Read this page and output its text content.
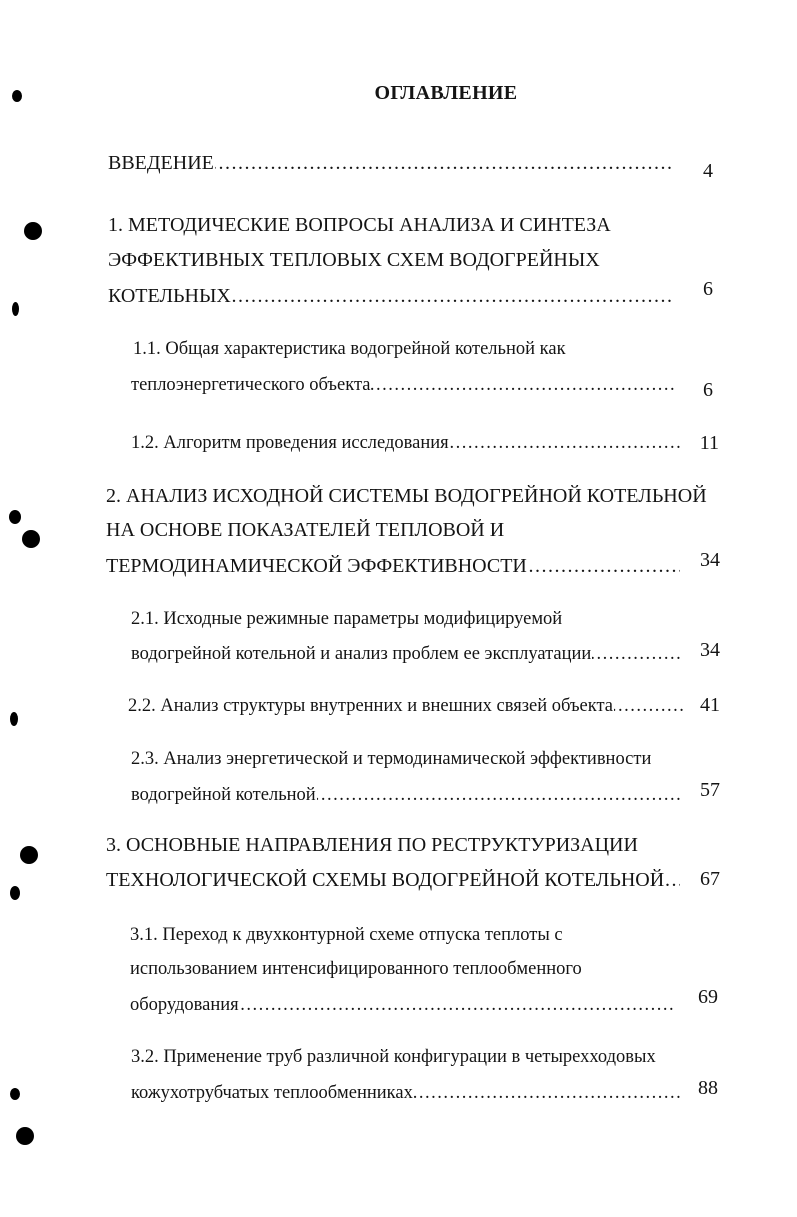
ОГЛАВЛЕНИЕ
ВВЕДЕНИЕ .....	4
1. МЕТОДИЧЕСКИЕ ВОПРОСЫ АНАЛИЗА И СИНТЕЗА
ЭФФЕКТИВНЫХ ТЕПЛОВЫХ СХЕМ ВОДОГРЕЙНЫХ
КОТЕЛЬНЫХ .....	6
1.1. Общая характеристика водогрейной котельной как
теплоэнергетического объекта .....	6
1.2. Алгоритм проведения исследования .....	11
2. АНАЛИЗ ИСХОДНОЙ СИСТЕМЫ ВОДОГРЕЙНОЙ КОТЕЛЬНОЙ
НА ОСНОВЕ ПОКАЗАТЕЛЕЙ ТЕПЛОВОЙ И
ТЕРМОДИНАМИЧЕСКОЙ ЭФФЕКТИВНОСТИ .....	34
2.1. Исходные режимные параметры модифицируемой
водогрейной котельной и анализ проблем ее эксплуатации .....	34
2.2. Анализ структуры внутренних и внешних связей объекта .....	41
2.3. Анализ энергетической и термодинамической эффективности
водогрейной котельной .....	57
3. ОСНОВНЫЕ НАПРАВЛЕНИЯ ПО РЕСТРУКТУРИЗАЦИИ
ТЕХНОЛОГИЧЕСКОЙ СХЕМЫ ВОДОГРЕЙНОЙ КОТЕЛЬНОЙ .....	67
3.1. Переход к двухконтурной схеме отпуска теплоты с
использованием интенсифицированного теплообменного
оборудования .....	69
3.2. Применение труб различной конфигурации в четырехходовых
кожухотрубчатых теплообменниках .....	88
